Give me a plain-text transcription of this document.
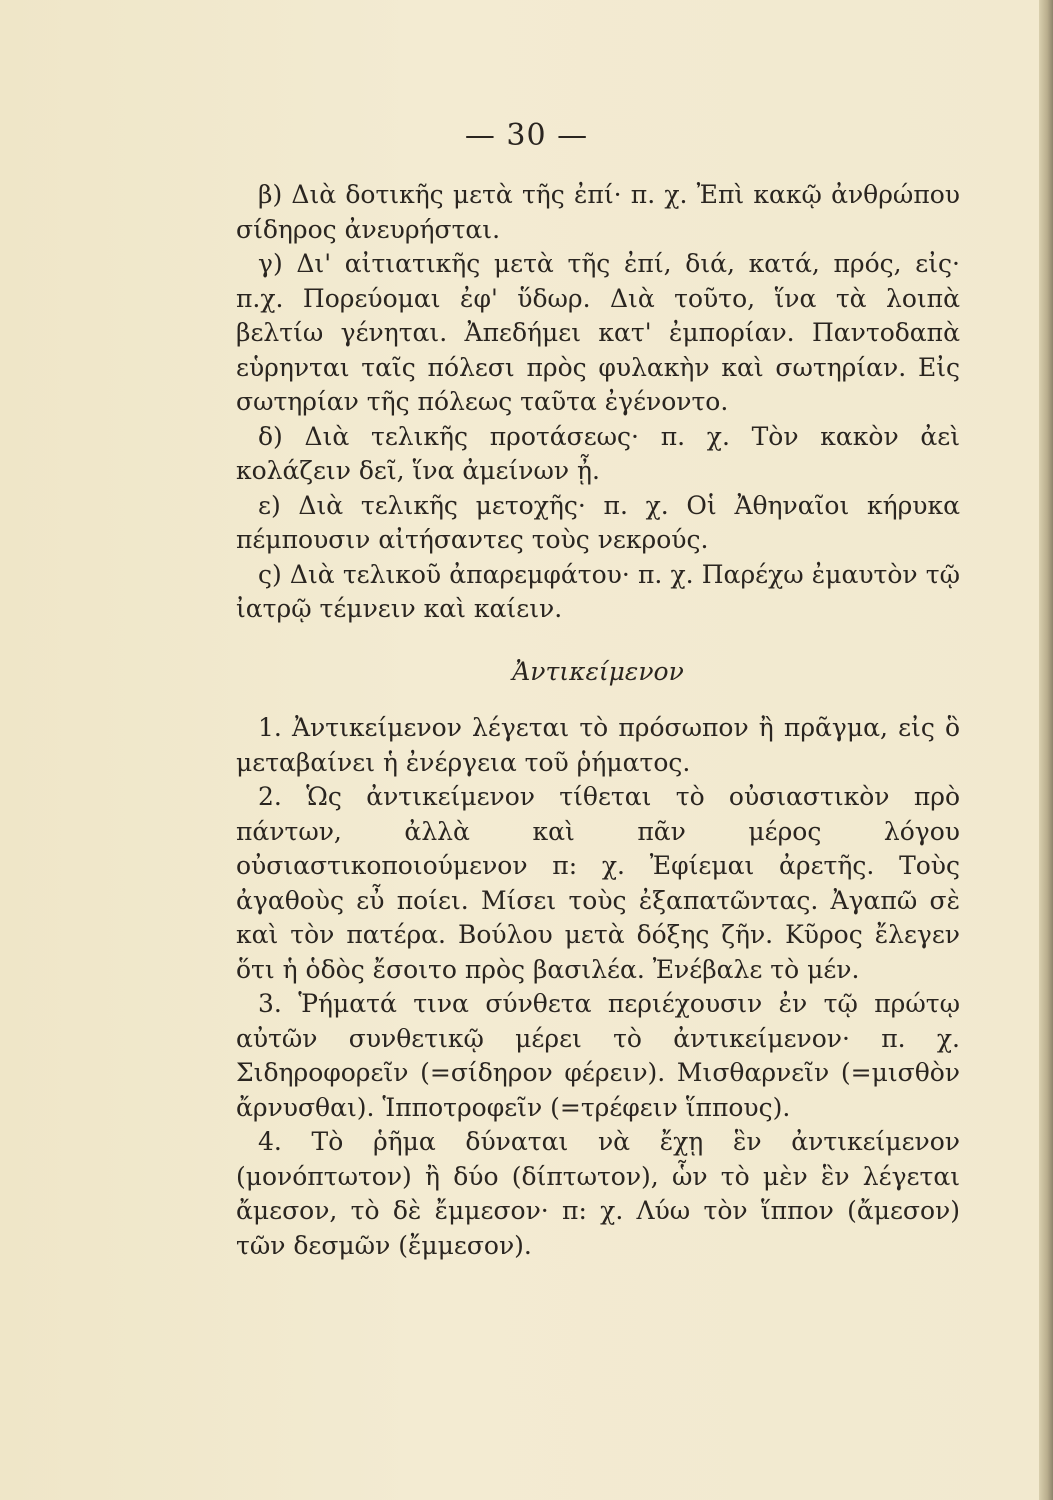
— 30 —

β) Διὰ δοτικῆς μετὰ τῆς ἐπί· π. χ. Ἐπὶ κακῷ ἀνθρώπου σίδηρος ἀνευρήσται.

γ) Δι' αἰτιατικῆς μετὰ τῆς ἐπί, διά, κατά, πρός, εἰς· π.χ. Πορεύομαι ἐφ' ὕδωρ. Διὰ τοῦτο, ἵνα τὰ λοιπὰ βελτίω γένηται. Ἀπεδήμει κατ' ἐμπορίαν. Παντοδαπὰ εὑρηνται ταῖς πόλεσι πρὸς φυλακὴν καὶ σωτηρίαν. Εἰς σωτηρίαν τῆς πόλεως ταῦτα ἐγένοντο.

δ) Διὰ τελικῆς προτάσεως· π. χ. Τὸν κακὸν ἀεὶ κολάζειν δεῖ, ἵνα ἀμείνων ᾖ.

ε) Διὰ τελικῆς μετοχῆς· π. χ. Οἱ Ἀθηναῖοι κήρυκα πέμπουσιν αἰτήσαντες τοὺς νεκρούς.

ς) Διὰ τελικοῦ ἀπαρεμφάτου· π. χ. Παρέχω ἐμαυτὸν τῷ ἰατρῷ τέμνειν καὶ καίειν.

Ἀντικείμενον

1. Ἀντικείμενον λέγεται τὸ πρόσωπον ἢ πρᾶγμα, εἰς ὃ μεταβαίνει ἡ ἐνέργεια τοῦ ῥήματος.

2. Ὡς ἀντικείμενον τίθεται τὸ οὐσιαστικὸν πρὸ πάντων, ἀλλὰ καὶ πᾶν μέρος λόγου οὐσιαστικοποιούμενον π: χ. Ἐφίεμαι ἀρετῆς. Τοὺς ἀγαθοὺς εὖ ποίει. Μίσει τοὺς ἐξαπατῶντας. Ἀγαπῶ σὲ καὶ τὸν πατέρα. Βούλου μετὰ δόξης ζῆν. Κῦρος ἔλεγεν ὅτι ἡ ὁδὸς ἔσοιτο πρὸς βασιλέα. Ἐνέβαλε τὸ μέν.

3. Ῥήματά τινα σύνθετα περιέχουσιν ἐν τῷ πρώτῳ αὐτῶν συνθετικῷ μέρει τὸ ἀντικείμενον· π. χ. Σιδηροφορεῖν (=σίδηρον φέρειν). Μισθαρνεῖν (=μισθὸν ἄρνυσθαι). Ἱπποτροφεῖν (=τρέφειν ἵππους).

4. Τὸ ῥῆμα δύναται νὰ ἔχῃ ἓν ἀντικείμενον (μονόπτωτον) ἢ δύο (δίπτωτον), ὧν τὸ μὲν ἓν λέγεται ἄμεσον, τὸ δὲ ἔμμεσον· π: χ. Λύω τὸν ἵππον (ἄμεσον) τῶν δεσμῶν (ἔμμεσον).
